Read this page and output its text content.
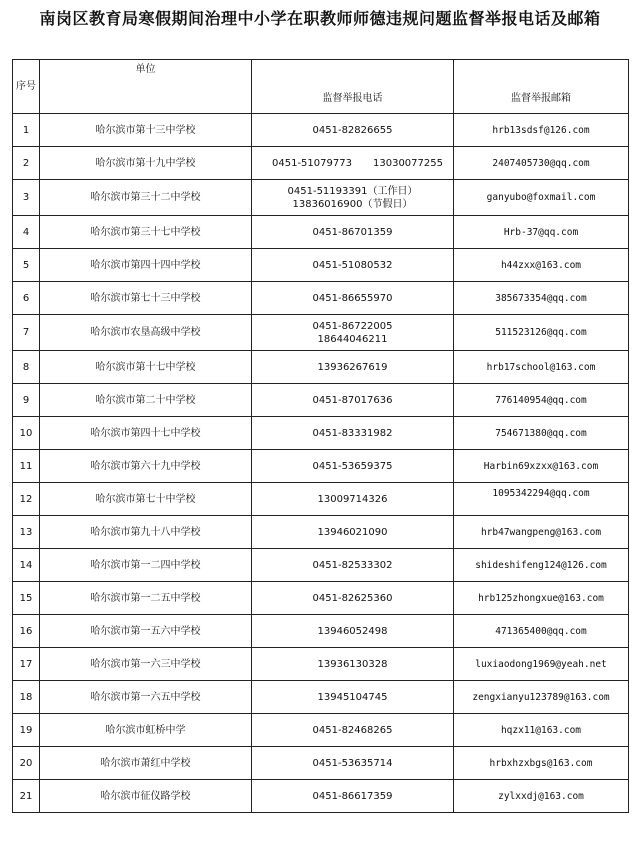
南岗区教育局寒假期间治理中小学在职教师师德违规问题监督举报电话及邮箱
序号	单位	监督举报电话	监督举报邮箱
1	哈尔滨市第十三中学校	0451-82826655	hrb13sdsf@126.com
2	哈尔滨市第十九中学校	0451-51079773 13030077255	2407405730@qq.com
3	哈尔滨市第三十二中学校	0451-51193391（工作日）
13836016900（节假日）	ganyubo@foxmail.com
4	哈尔滨市第三十七中学校	0451-86701359	Hrb-37@qq.com
5	哈尔滨市第四十四中学校	0451-51080532	h44zxx@163.com
6	哈尔滨市第七十三中学校	0451-86655970	385673354@qq.com
7	哈尔滨市农垦高级中学校	0451-86722005
18644046211	511523126@qq.com
8	哈尔滨市第十七中学校	13936267619	hrb17school@163.com
9	哈尔滨市第二十中学校	0451-87017636	776140954@qq.com
10	哈尔滨市第四十七中学校	0451-83331982	754671380@qq.com
11	哈尔滨市第六十九中学校	0451-53659375	Harbin69xzxx@163.com
12	哈尔滨市第七十中学校	13009714326	1095342294@qq.com
13	哈尔滨市第九十八中学校	13946021090	hrb47wangpeng@163.com
14	哈尔滨市第一二四中学校	0451-82533302	shideshifeng124@126.com
15	哈尔滨市第一二五中学校	0451-82625360	hrb125zhongxue@163.com
16	哈尔滨市第一五六中学校	13946052498	471365400@qq.com
17	哈尔滨市第一六三中学校	13936130328	luxiaodong1969@yeah.net
18	哈尔滨市第一六五中学校	13945104745	zengxianyu123789@163.com
19	哈尔滨市虹桥中学	0451-82468265	hqzx11@163.com
20	哈尔滨市萧红中学校	0451-53635714	hrbxhzxbgs@163.com
21	哈尔滨市征仪路学校	0451-86617359	zylxxdj@163.com
